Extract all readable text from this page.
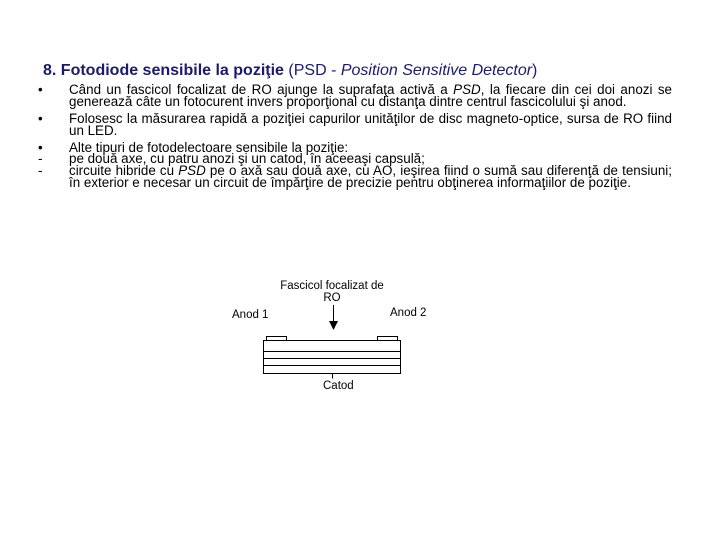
8. Fotodiode sensibile la poziţie (PSD - Position Sensitive Detector)
•	Când un fascicol focalizat de RO ajunge la suprafaţa activă a PSD, la fiecare din cei doi anozi se generează câte un fotocurent invers proporţional cu distanţa dintre centrul fascicolului şi anod.
•	Folosesc la măsurarea rapidă a poziţiei capurilor unităţilor de disc magneto-optice, sursa de RO fiind un LED.
•	Alte tipuri de fotodelectoare sensibile la poziţie:
-	pe două axe, cu patru anozi şi un catod, în aceeaşi capsulă;
-	circuite hibride cu PSD pe o axă sau două axe, cu AO, ieşirea fiind o sumă sau diferenţă de tensiuni; în exterior e necesar un circuit de împărţire de precizie pentru obţinerea informaţiilor de poziţie.
Fascicol focalizat de RO
Anod 1	Anod 2
Catod
